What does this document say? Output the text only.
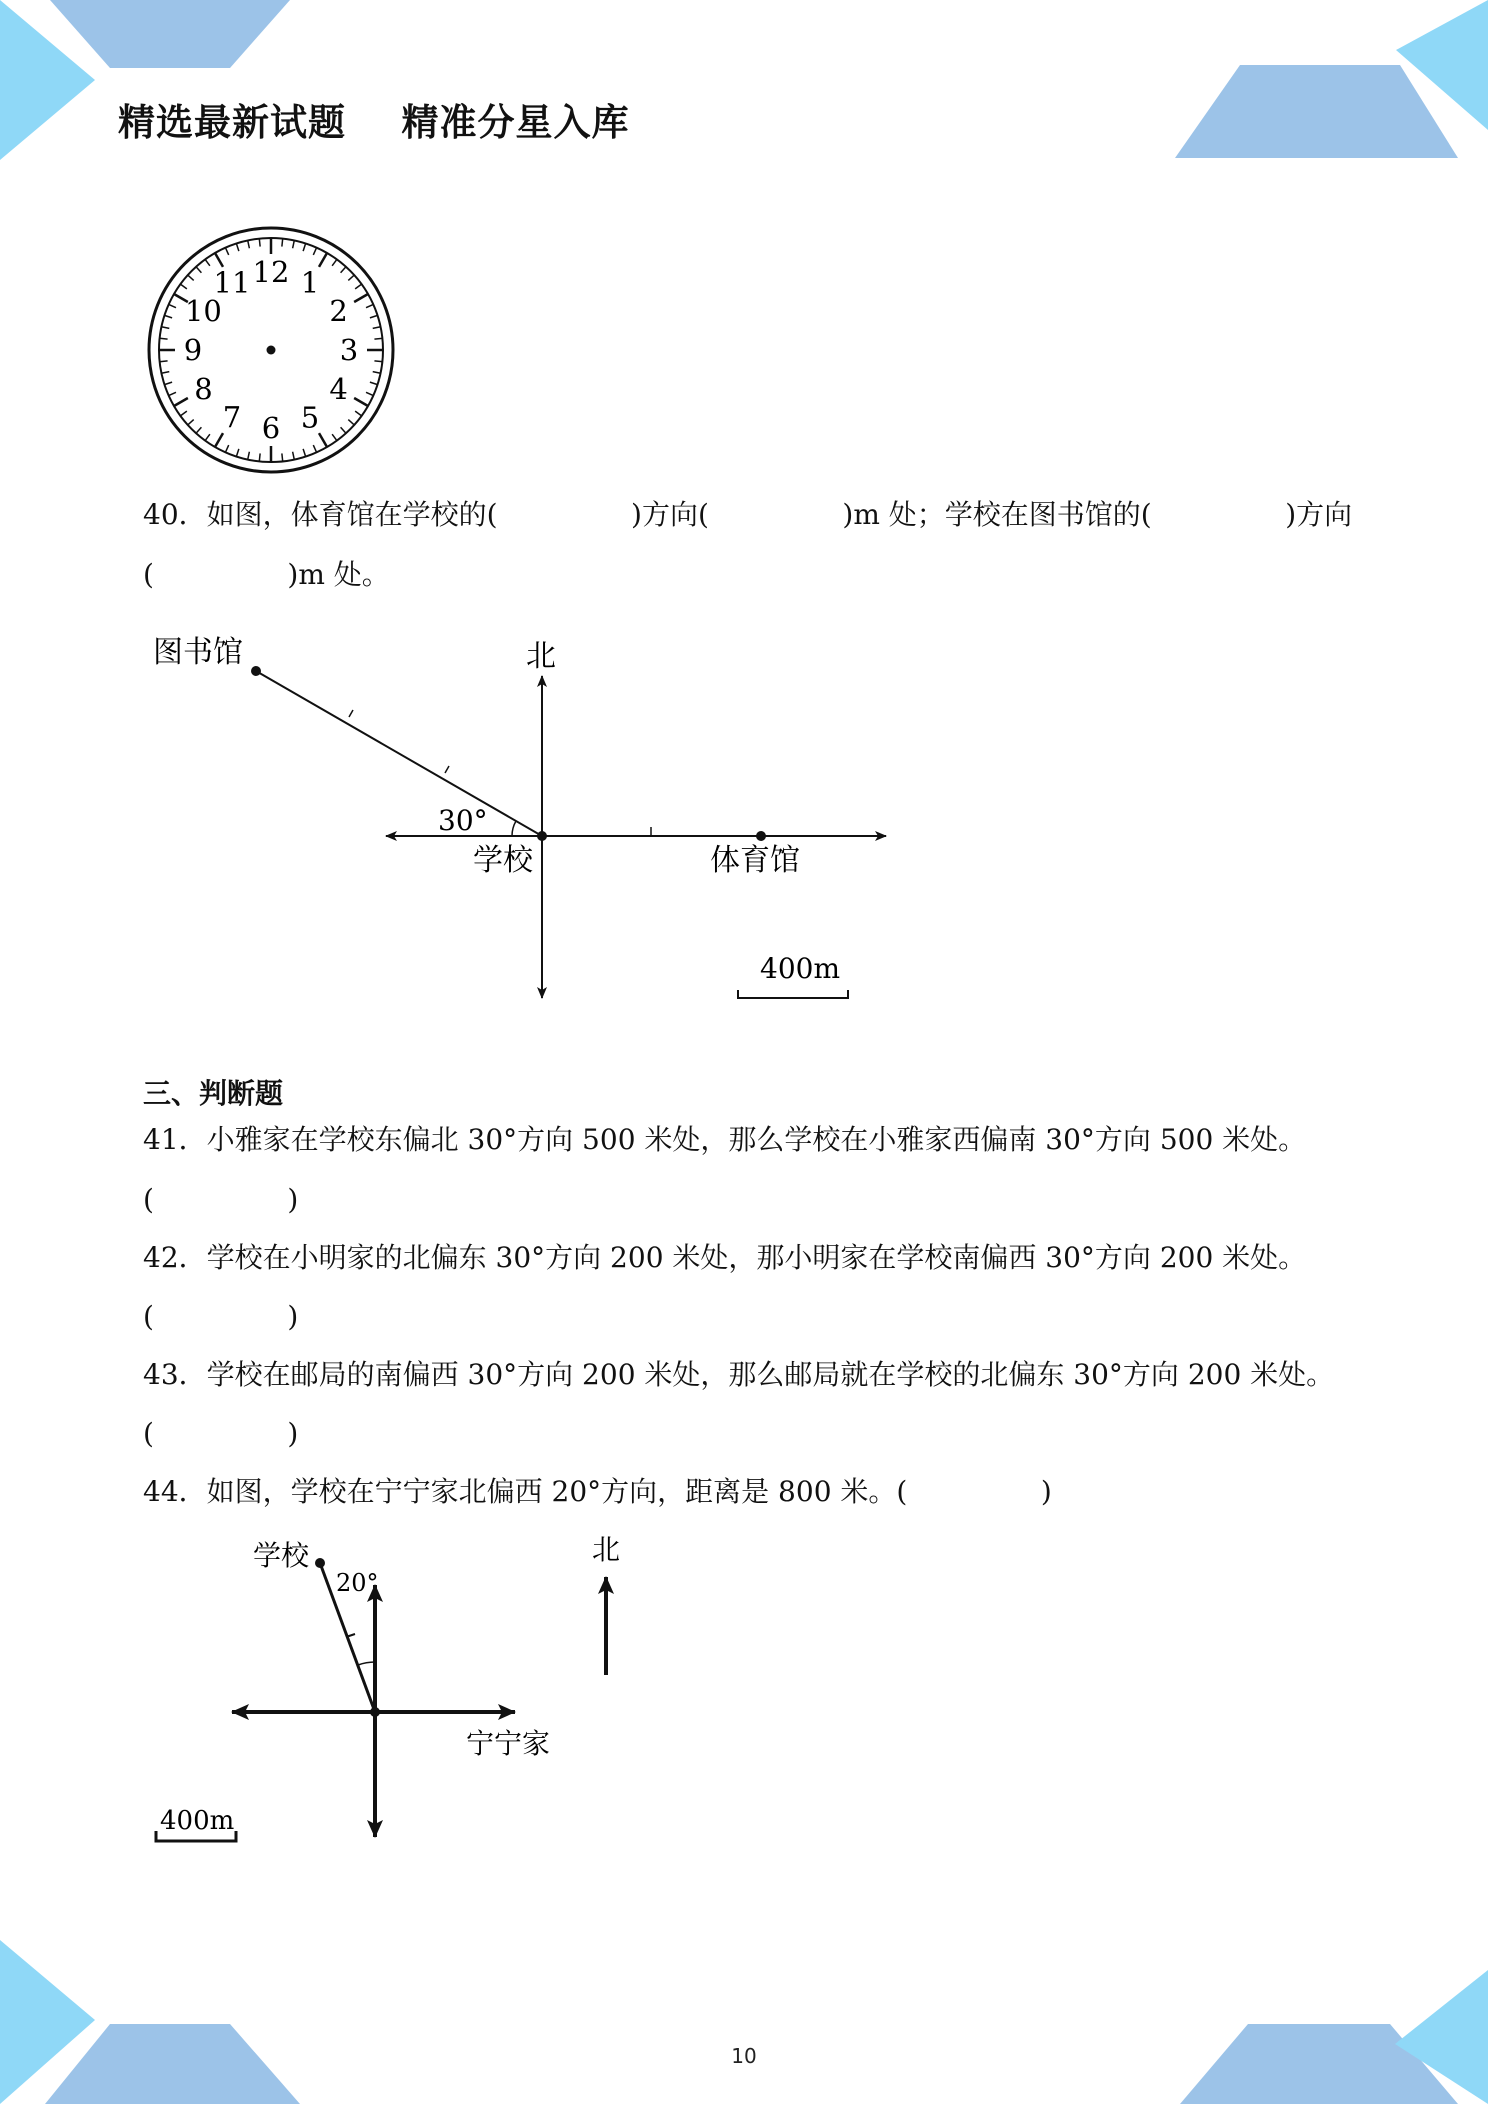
精选最新试题    精准分星入库
1
2
3
4
5
6
7
8
9
10
11 12
40．如图，体育馆在学校的(               )方向(               )m 处；学校在图书馆的(               )方向
(               )m 处。
图书馆	北
30°
学校	体育馆
400m
三、判断题
41．小雅家在学校东偏北 30°方向 500 米处，那么学校在小雅家西偏南 30°方向 500 米处。
(               )
42．学校在小明家的北偏东 30°方向 200 米处，那小明家在学校南偏西 30°方向 200 米处。
(               )
43．学校在邮局的南偏西 30°方向 200 米处，那么邮局就在学校的北偏东 30°方向 200 米处。
(               )
44．如图，学校在宁宁家北偏西 20°方向，距离是 800 米。(               )
学校
20°
北
宁宁家
400m
10
